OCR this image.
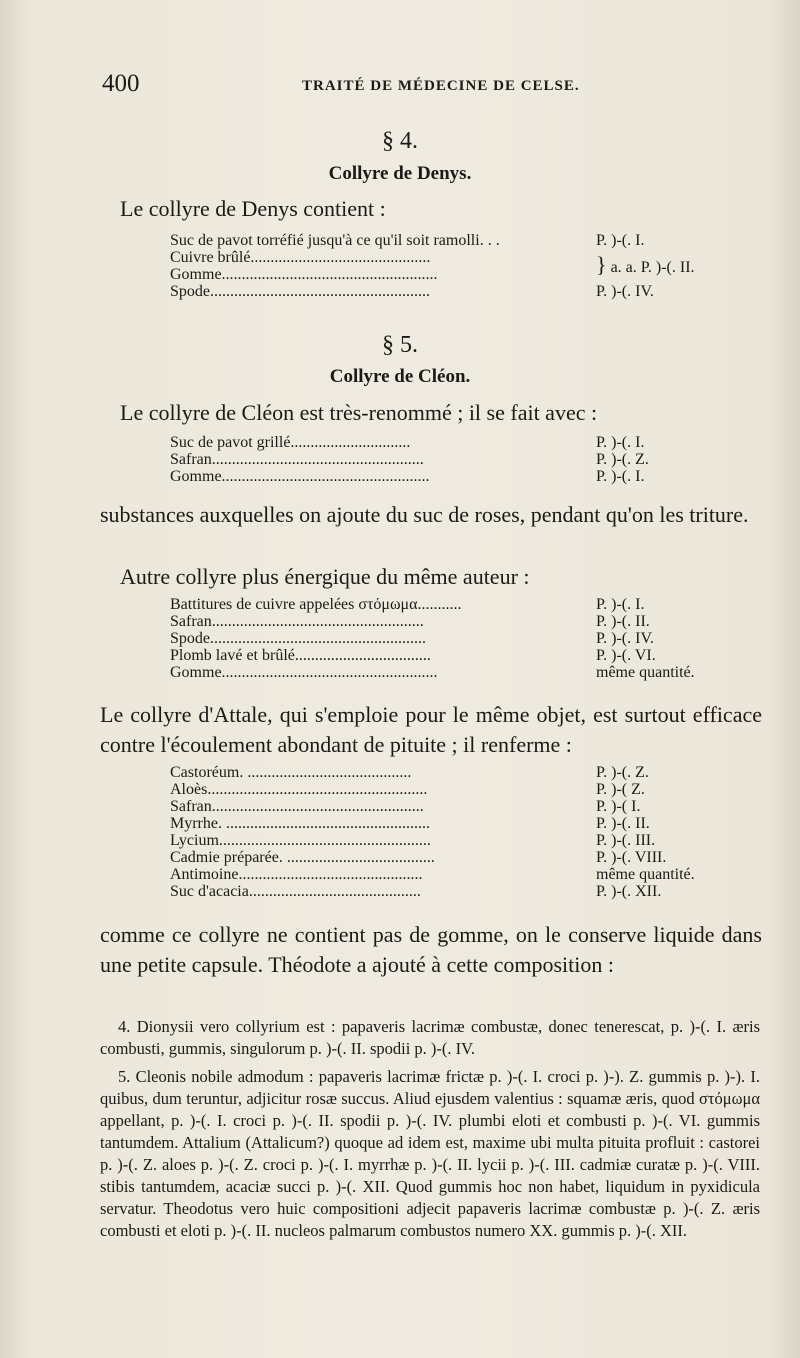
400	TRAITÉ DE MÉDECINE DE CELSE.
§ 4.
Collyre de Denys.

Le collyre de Denys contient :

Suc de pavot torréfié jusqu'à ce qu'il soit ramolli. . .	P. )-(. I.
Cuivre brûlé.............................................	} a. a. P. )-(. II.
Gomme......................................................	
Spode.......................................................	P. )-(. IV.
§ 5.
Collyre de Cléon.

Le collyre de Cléon est très-renommé ; il se fait avec :

Suc de pavot grillé..............................	P. )-(. I.
Safran.....................................................	P. )-(. Z.
Gomme....................................................	P. )-(. I.

substances auxquelles on ajoute du suc de roses, pendant qu'on les triture.

Autre collyre plus énergique du même auteur :

Battitures de cuivre appelées στόμωμα...........	P. )-(. I.
Safran.....................................................	P. )-(. II.
Spode......................................................	P. )-(. IV.
Plomb lavé et brûlé..................................	P. )-(. VI.
Gomme......................................................	même quantité.

Le collyre d'Attale, qui s'emploie pour le même objet, est surtout efficace contre l'écoulement abondant de pituite ; il renferme :

Castoréum. .........................................	P. )-(. Z.
Aloès.......................................................	P. )-( Z.
Safran.....................................................	P. )-( I.
Myrrhe. ...................................................	P. )-(. II.
Lycium.....................................................	P. )-(. III.
Cadmie préparée. .....................................	P. )-(. VIII.
Antimoine..............................................	même quantité.
Suc d'acacia...........................................	P. )-(. XII.

comme ce collyre ne contient pas de gomme, on le conserve liquide dans une petite capsule. Théodote a ajouté à cette composition :

4. Dionysii vero collyrium est : papaveris lacrimæ combustæ, donec tenerescat, p. )-(. I. æris combusti, gummis, singulorum p. )-(. II. spodii p. )-(. IV.

5. Cleonis nobile admodum : papaveris lacrimæ frictæ p. )-(. I. croci p. )-). Z. gummis p. )-). I. quibus, dum teruntur, adjicitur rosæ succus. Aliud ejusdem valentius : squamæ æris, quod στόμωμα appellant, p. )-(. I. croci p. )-(. II. spodii p. )-(. IV. plumbi eloti et combusti p. )-(. VI. gummis tantumdem. Attalium (Attalicum?) quoque ad idem est, maxime ubi multa pituita profluit : castorei p. )-(. Z. aloes p. )-(. Z. croci p. )-(. I. myrrhæ p. )-(. II. lycii p. )-(. III. cadmiæ curatæ p. )-(. VIII. stibis tantumdem, acaciæ succi p. )-(. XII. Quod gummis hoc non habet, liquidum in pyxidicula servatur. Theodotus vero huic compositioni adjecit papaveris lacrimæ combustæ p. )-(. Z. æris combusti et eloti p. )-(. II. nucleos palmarum combustos numero XX. gummis p. )-(. XII.
